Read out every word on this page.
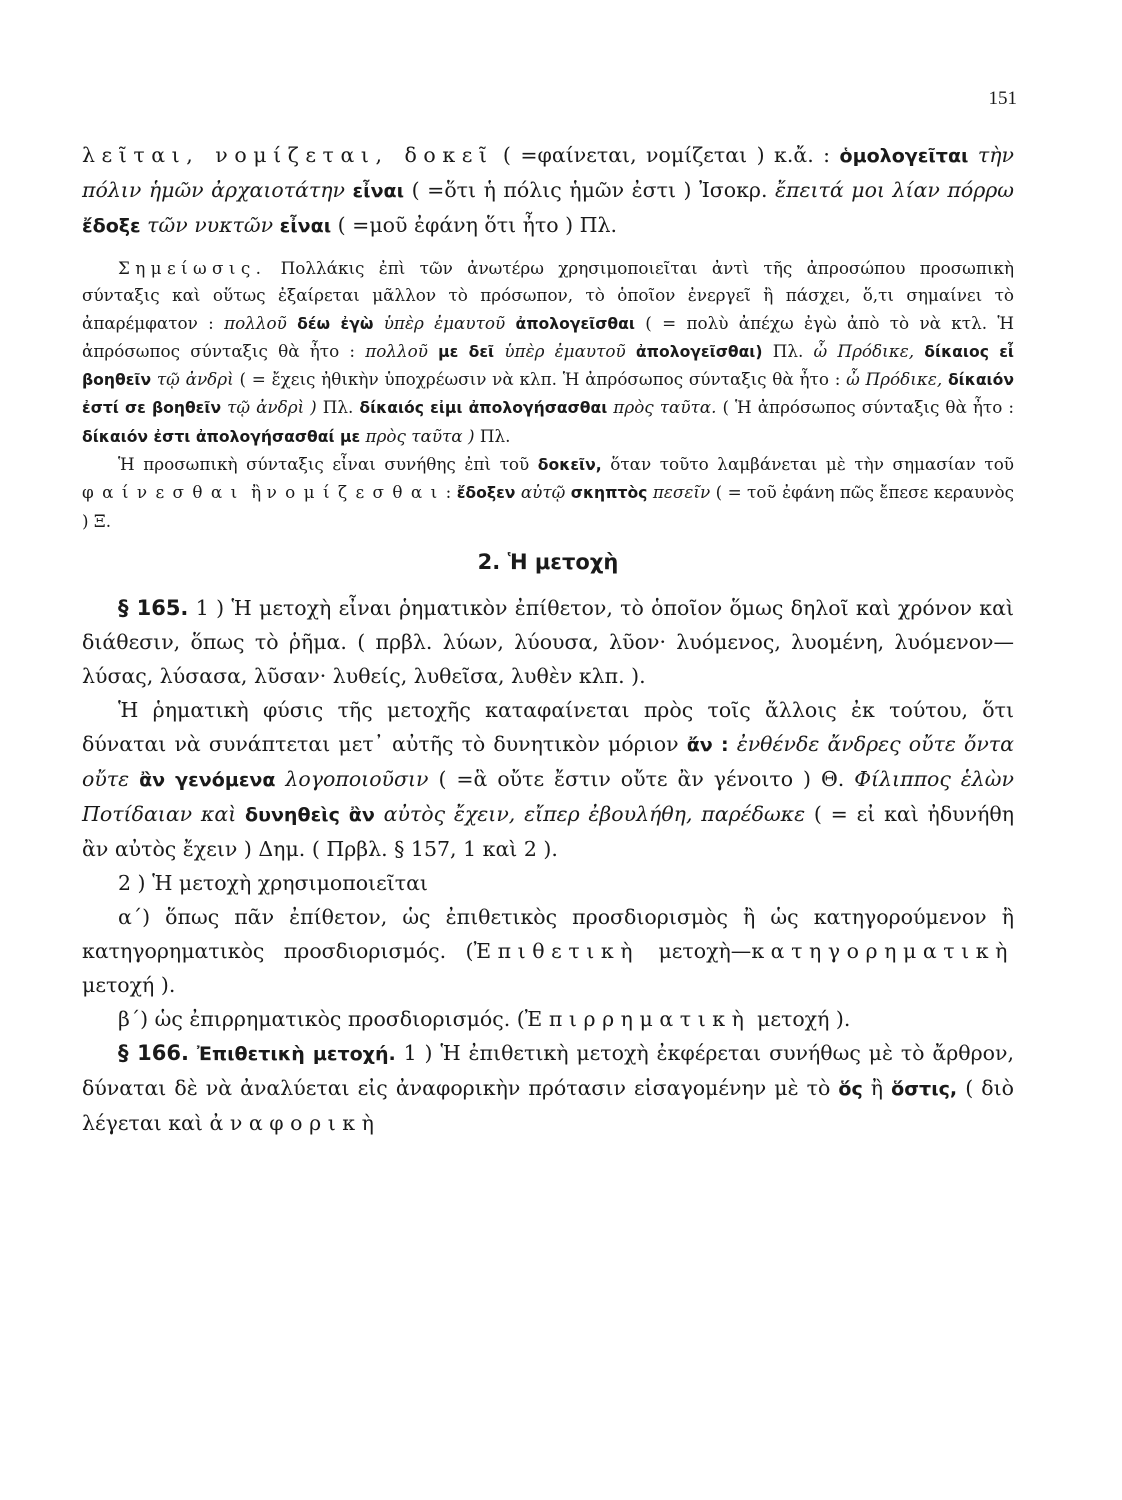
151

λεῖται, νομίζεται, δοκεῖ ( =φαίνεται, νομίζεται ) κ.ἄ. : ὁμολογεῖται τὴν πόλιν ἡμῶν ἀρχαιοτάτην εἶναι ( =ὅτι ἡ πόλις ἡμῶν ἐστι ) Ἰσοκρ. ἔπειτά μοι λίαν πόρρω ἔδοξε τῶν νυκτῶν εἶναι ( =μοῦ ἐφάνη ὅτι ἦτο ) Πλ.

Σημείωσις. Πολλάκις ἐπὶ τῶν ἀνωτέρω χρησιμοποιεῖται ἀντὶ τῆς ἀπροσώπου προσωπικὴ σύνταξις καὶ οὕτως ἐξαίρεται μᾶλλον τὸ πρόσωπον, τὸ ὁποῖον ἐνεργεῖ ἢ πάσχει, ὅ,τι σημαίνει τὸ ἀπαρέμφατον : πολλοῦ δέω ἐγὼ ὑπὲρ ἐμαυτοῦ ἀπολογεῖσθαι ( = πολὺ ἀπέχω ἐγὼ ἀπὸ τὸ νὰ κτλ. Ἡ ἀπρόσωπος σύνταξις θὰ ἦτο : πολλοῦ με δεῖ ὑπὲρ ἐμαυτοῦ ἀπολογεῖσθαι) Πλ. ὦ Πρόδικε, δίκαιος εἶ βοηθεῖν τῷ ἀνδρὶ ( = ἔχεις ἠθικὴν ὑποχρέωσιν νὰ κλπ. Ἡ ἀπρόσωπος σύνταξις θὰ ἦτο : ὦ Πρόδικε, δίκαιόν ἐστί σε βοηθεῖν τῷ ἀνδρὶ ) Πλ. δίκαιός εἰμι ἀπολογήσασθαι πρὸς ταῦτα. ( Ἡ ἀπρόσωπος σύνταξις θὰ ἦτο : δίκαιόν ἐστι ἀπολογήσασθαί με πρὸς ταῦτα ) Πλ.

Ἡ προσωπικὴ σύνταξις εἶναι συνήθης ἐπὶ τοῦ δοκεῖν, ὅταν τοῦτο λαμβάνεται μὲ τὴν σημασίαν τοῦ φαίνεσθαι ἢ νομίζεσθαι: ἔδοξεν αὐτῷ σκηπτὸς πεσεῖν ( = τοῦ ἐφάνη πῶς ἔπεσε κεραυνὸς ) Ξ.

2. Ἡ μετοχὴ

§ 165. 1 ) Ἡ μετοχὴ εἶναι ῥηματικὸν ἐπίθετον, τὸ ὁποῖον ὅμως δηλοῖ καὶ χρόνον καὶ διάθεσιν, ὅπως τὸ ῥῆμα. ( πρβλ. λύων, λύουσα, λῦον· λυόμενος, λυομένη, λυόμενον—λύσας, λύσασα, λῦσαν· λυθείς, λυθεῖσα, λυθὲν κλπ. ).

Ἡ ῥηματικὴ φύσις τῆς μετοχῆς καταφαίνεται πρὸς τοῖς ἄλλοις ἐκ τούτου, ὅτι δύναται νὰ συνάπτεται μετ᾽ αὐτῆς τὸ δυνητικὸν μόριον ἄν : ἐνθένδε ἄνδρες οὔτε ὄντα οὔτε ἂν γενόμενα λογοποιοῦσιν ( =ἃ οὔτε ἔστιν οὔτε ἂν γένοιτο ) Θ. Φίλιππος ἑλὼν Ποτίδαιαν καὶ δυνηθεὶς ἂν αὐτὸς ἔχειν, εἴπερ ἐβουλήθη, παρέδωκε ( = εἰ καὶ ἠδυνήθη ἂν αὐτὸς ἔχειν ) Δημ. ( Πρβλ. § 157, 1 καὶ 2 ).

2 ) Ἡ μετοχὴ χρησιμοποιεῖται

α΄) ὅπως πᾶν ἐπίθετον, ὡς ἐπιθετικὸς προσδιορισμὸς ἢ ὡς κατηγορούμενον ἢ κατηγορηματικὸς προσδιορισμός. (Ἐπιθετικὴ μετοχὴ—κατηγορηματικὴ μετοχή ).

β΄) ὡς ἐπιρρηματικὸς προσδιορισμός. (Ἐπιρρηματικὴ μετοχή ).

§ 166. Ἐπιθετικὴ μετοχή. 1 ) Ἡ ἐπιθετικὴ μετοχὴ ἐκφέρεται συνήθως μὲ τὸ ἄρθρον, δύναται δὲ νὰ ἀναλύεται εἰς ἀναφορικὴν πρότασιν εἰσαγομένην μὲ τὸ ὅς ἢ ὅστις, ( διὸ λέγεται καὶ ἀναφορικὴ
